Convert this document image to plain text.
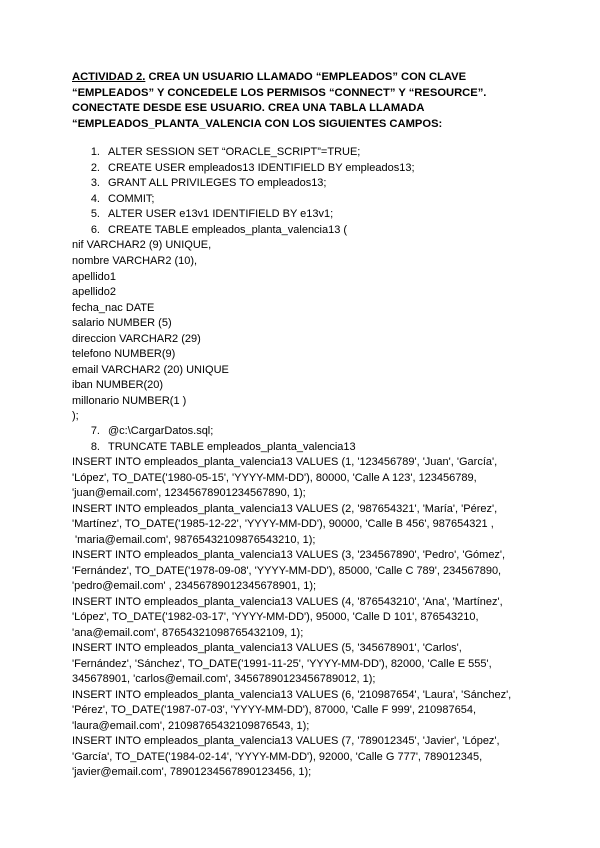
ACTIVIDAD 2. CREA UN USUARIO LLAMADO “EMPLEADOS” CON CLAVE “EMPLEADOS” Y CONCEDELE LOS PERMISOS “CONNECT” Y “RESOURCE”. CONECTATE DESDE ESE USUARIO. CREA UNA TABLA LLAMADA “EMPLEADOS_PLANTA_VALENCIA CON LOS SIGUIENTES CAMPOS:
1. ALTER SESSION SET “ORACLE_SCRIPT”=TRUE;
2. CREATE USER empleados13 IDENTIFIELD BY empleados13;
3. GRANT ALL PRIVILEGES TO empleados13;
4. COMMIT;
5. ALTER USER e13v1 IDENTIFIELD BY e13v1;
6. CREATE TABLE empleados_planta_valencia13 (
nif VARCHAR2 (9) UNIQUE,
nombre VARCHAR2 (10),
apellido1
apellido2
fecha_nac DATE
salario NUMBER (5)
direccion VARCHAR2 (29)
telefono NUMBER(9)
email VARCHAR2 (20) UNIQUE
iban NUMBER(20)
millonario NUMBER(1 )
);
7. @c:\CargarDatos.sql;
8. TRUNCATE TABLE empleados_planta_valencia13
INSERT INTO empleados_planta_valencia13 VALUES (1, '123456789', 'Juan', 'García',
'López', TO_DATE('1980-05-15', 'YYYY-MM-DD'), 80000, 'Calle A 123', 123456789,
'juan@email.com', 12345678901234567890, 1);
INSERT INTO empleados_planta_valencia13 VALUES (2, '987654321', 'María', 'Pérez',
'Martínez', TO_DATE('1985-12-22', 'YYYY-MM-DD'), 90000, 'Calle B 456', 987654321 ,
'maria@email.com', 98765432109876543210, 1);
INSERT INTO empleados_planta_valencia13 VALUES (3, '234567890', 'Pedro', 'Gómez',
'Fernández', TO_DATE('1978-09-08', 'YYYY-MM-DD'), 85000, 'Calle C 789', 234567890,
'pedro@email.com' , 23456789012345678901, 1);
INSERT INTO empleados_planta_valencia13 VALUES (4, '876543210', 'Ana', 'Martínez',
'López', TO_DATE('1982-03-17', 'YYYY-MM-DD'), 95000, 'Calle D 101', 876543210,
'ana@email.com', 87654321098765432109, 1);
INSERT INTO empleados_planta_valencia13 VALUES (5, '345678901', 'Carlos',
'Fernández', 'Sánchez', TO_DATE('1991-11-25', 'YYYY-MM-DD'), 82000, 'Calle E 555',
345678901, 'carlos@email.com', 34567890123456789012, 1);
INSERT INTO empleados_planta_valencia13 VALUES (6, '210987654', 'Laura', 'Sánchez',
'Pérez', TO_DATE('1987-07-03', 'YYYY-MM-DD'), 87000, 'Calle F 999', 210987654,
'laura@email.com', 21098765432109876543, 1);
INSERT INTO empleados_planta_valencia13 VALUES (7, '789012345', 'Javier', 'López',
'García', TO_DATE('1984-02-14', 'YYYY-MM-DD'), 92000, 'Calle G 777', 789012345,
'javier@email.com', 78901234567890123456, 1);
